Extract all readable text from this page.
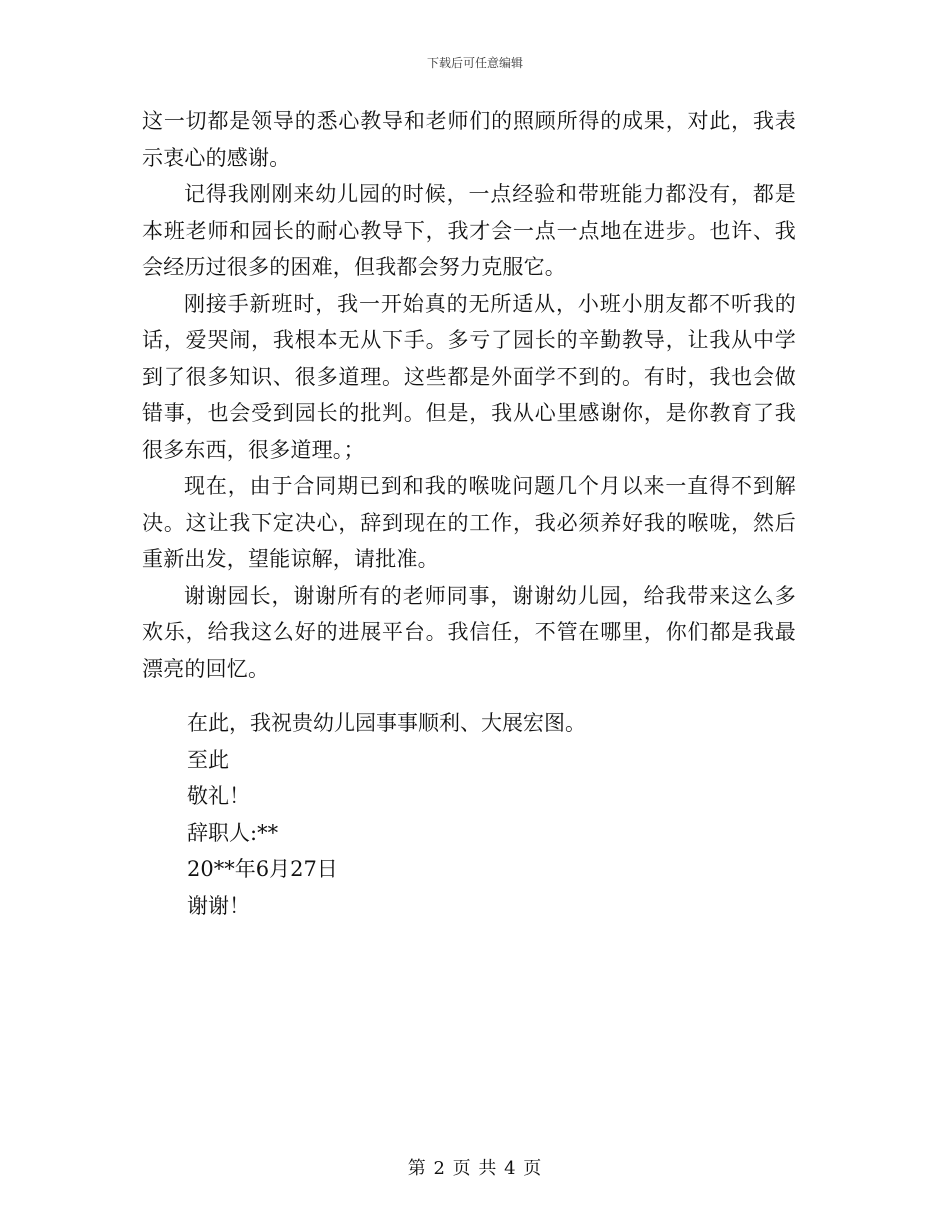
下载后可任意编辑

这一切都是领导的悉心教导和老师们的照顾所得的成果，对此，我表示衷心的感谢。

记得我刚刚来幼儿园的时候，一点经验和带班能力都没有，都是本班老师和园长的耐心教导下，我才会一点一点地在进步。也许、我会经历过很多的困难，但我都会努力克服它。

刚接手新班时，我一开始真的无所适从，小班小朋友都不听我的话，爱哭闹，我根本无从下手。多亏了园长的辛勤教导，让我从中学到了很多知识、很多道理。这些都是外面学不到的。有时，我也会做错事，也会受到园长的批判。但是，我从心里感谢你，是你教育了我很多东西，很多道理。；

现在，由于合同期已到和我的喉咙问题几个月以来一直得不到解决。这让我下定决心，辞到现在的工作，我必须养好我的喉咙，然后重新出发，望能谅解，请批准。

谢谢园长，谢谢所有的老师同事，谢谢幼儿园，给我带来这么多欢乐，给我这么好的进展平台。我信任，不管在哪里，你们都是我最漂亮的回忆。

在此，我祝贵幼儿园事事顺利、大展宏图。
至此
敬礼！
辞职人:**
20**年6月27日
谢谢！
第 2 页 共 4 页
